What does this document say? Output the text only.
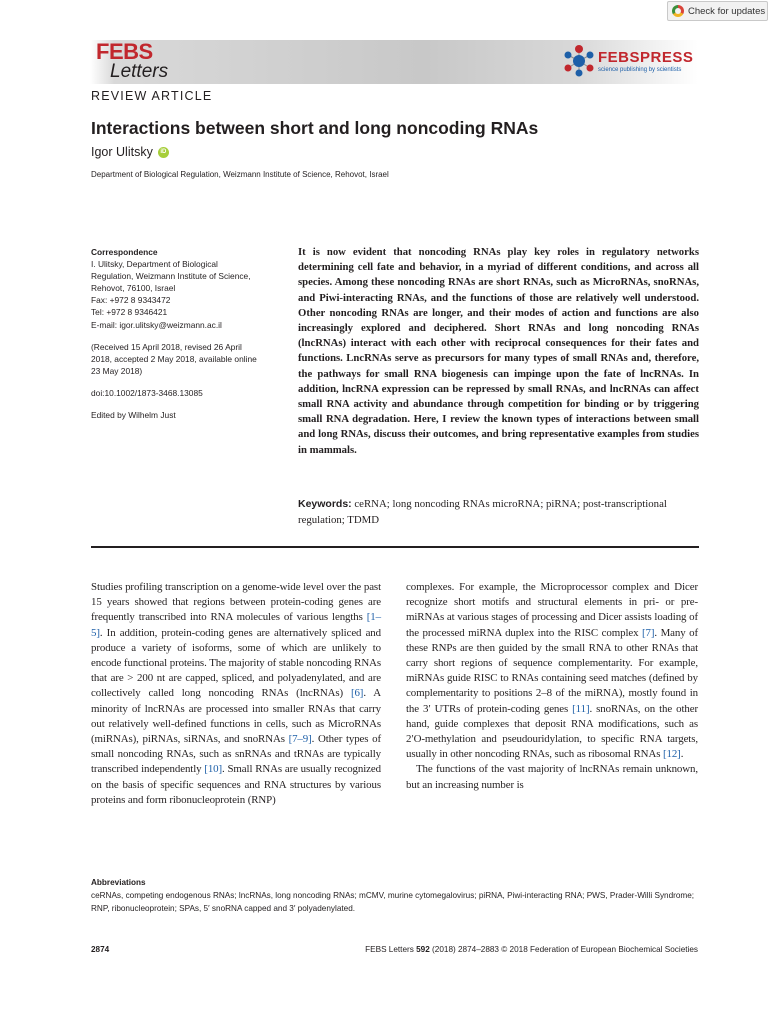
Check for updates
FEBS
Letters
FEBSPRESS
science publishing by scientists
REVIEW ARTICLE
Interactions between short and long noncoding RNAs
Igor Ulitsky	iD
Department of Biological Regulation, Weizmann Institute of Science, Rehovot, Israel
Correspondence
I. Ulitsky, Department of Biological
Regulation, Weizmann Institute of Science,
Rehovot, 76100, Israel
Fax: +972 8 9343472
Tel: +972 8 9346421
E-mail: igor.ulitsky@weizmann.ac.il
(Received 15 April 2018, revised 26 April
2018, accepted 2 May 2018, available online
23 May 2018)
doi:10.1002/1873-3468.13085
Edited by Wilhelm Just

It is now evident that noncoding RNAs play key roles in regulatory networks determining cell fate and behavior, in a myriad of different conditions, and across all species. Among these noncoding RNAs are short RNAs, such as MicroRNAs, snoRNAs, and Piwi-interacting RNAs, and the functions of those are relatively well understood. Other noncoding RNAs are longer, and their modes of action and functions are also increasingly explored and deciphered. Short RNAs and long noncoding RNAs (lncRNAs) interact with each other with reciprocal consequences for their fates and functions. LncRNAs serve as precursors for many types of small RNAs and, therefore, the pathways for small RNA biogenesis can impinge upon the fate of lncRNAs. In addition, lncRNA expression can be repressed by small RNAs, and lncRNAs can affect small RNA activity and abundance through competition for binding or by triggering small RNA degradation. Here, I review the known types of interactions between small and long RNAs, discuss their outcomes, and bring representative examples from studies in mammals.

Keywords: ceRNA; long noncoding RNAs microRNA; piRNA; post-transcriptional regulation; TDMD

Studies profiling transcription on a genome-wide level over the past 15 years showed that regions between protein-coding genes are frequently transcribed into RNA molecules of various lengths [1–5]. In addition, protein-coding genes are alternatively spliced and produce a variety of isoforms, some of which are unlikely to encode functional proteins. The majority of stable noncoding RNAs that are > 200 nt are capped, spliced, and polyadenylated, and are collectively called long noncoding RNAs (lncRNAs) [6]. A minority of lncRNAs are processed into smaller RNAs that carry out relatively well-defined functions in cells, such as MicroRNAs (miRNAs), piRNAs, siRNAs, and snoRNAs [7–9]. Other types of small noncoding RNAs, such as snRNAs and tRNAs are typically transcribed independently [10]. Small RNAs are usually recognized on the basis of specific sequences and RNA structures by various proteins and form ribonucleoprotein (RNP)

complexes. For example, the Microprocessor complex and Dicer recognize short motifs and structural elements in pri- or pre-miRNAs at various stages of processing and Dicer assists loading of the processed miRNA duplex into the RISC complex [7]. Many of these RNPs are then guided by the small RNA to other RNAs that carry short regions of sequence complementarity. For example, miRNAs guide RISC to RNAs containing seed matches (defined by complementarity to positions 2–8 of the miRNA), mostly found in the 3′ UTRs of protein-coding genes [11]. snoRNAs, on the other hand, guide complexes that deposit RNA modifications, such as 2′O-methylation and pseudouridylation, to specific RNA targets, usually in other noncoding RNAs, such as ribosomal RNAs [12].

The functions of the vast majority of lncRNAs remain unknown, but an increasing number is

Abbreviations

ceRNAs, competing endogenous RNAs; lncRNAs, long noncoding RNAs; mCMV, murine cytomegalovirus; piRNA, Piwi-interacting RNA; PWS, Prader-Willi Syndrome; RNP, ribonucleoprotein; SPAs, 5′ snoRNA capped and 3′ polyadenylated.

2874	FEBS Letters 592 (2018) 2874–2883 © 2018 Federation of European Biochemical Societies
